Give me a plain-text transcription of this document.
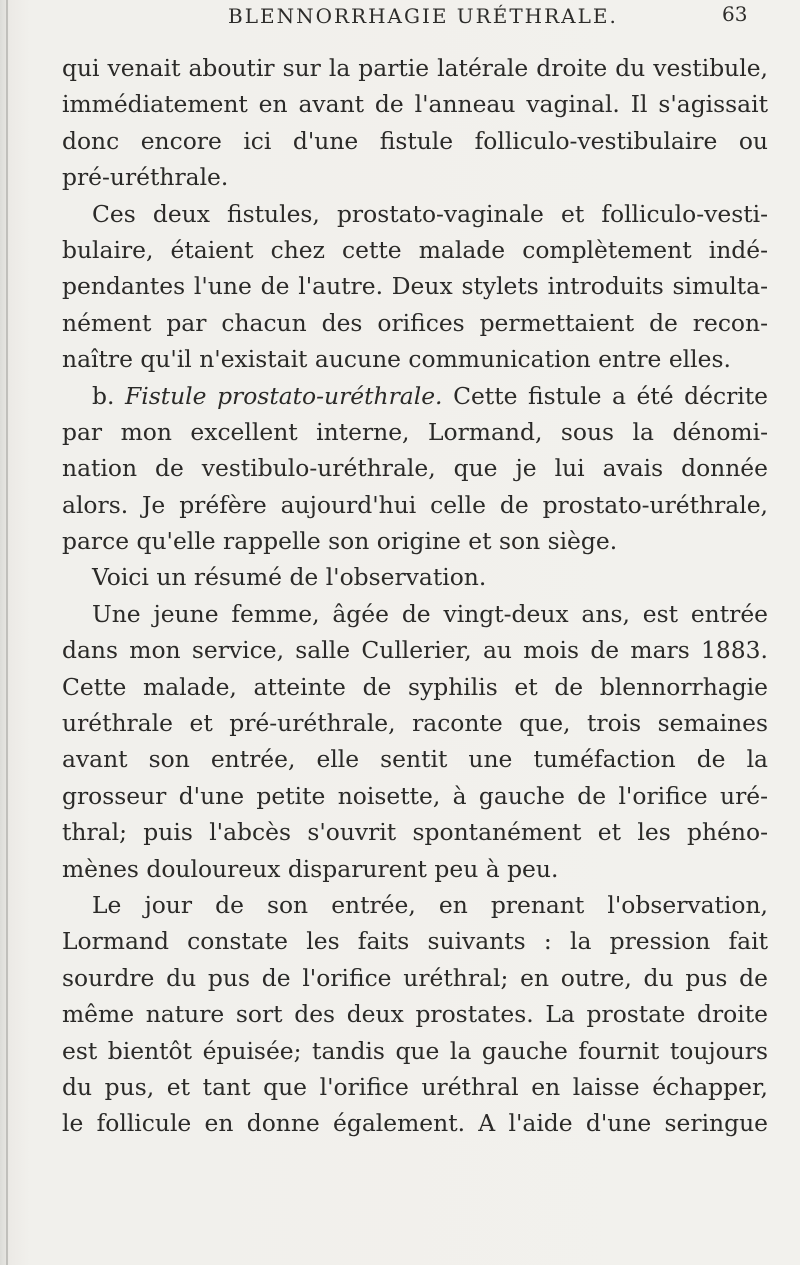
BLENNORRHAGIE URÉTHRALE.	63
qui venait aboutir sur la partie latérale droite du vestibule,
immédiatement en avant de l'anneau vaginal. Il s'agissait
donc encore ici d'une fistule folliculo-vestibulaire ou
pré-uréthrale.
Ces deux fistules, prostato-vaginale et folliculo-vesti-
bulaire, étaient chez cette malade complètement indé-
pendantes l'une de l'autre. Deux stylets introduits simulta-
nément par chacun des orifices permettaient de recon-
naître qu'il n'existait aucune communication entre elles.
b. Fistule prostato-uréthrale. Cette fistule a été décrite
par mon excellent interne, Lormand, sous la dénomi-
nation de vestibulo-uréthrale, que je lui avais donnée
alors. Je préfère aujourd'hui celle de prostato-uréthrale,
parce qu'elle rappelle son origine et son siège.
Voici un résumé de l'observation.
Une jeune femme, âgée de vingt-deux ans, est entrée
dans mon service, salle Cullerier, au mois de mars 1883.
Cette malade, atteinte de syphilis et de blennorrhagie
uréthrale et pré-uréthrale, raconte que, trois semaines
avant son entrée, elle sentit une tuméfaction de la
grosseur d'une petite noisette, à gauche de l'orifice uré-
thral; puis l'abcès s'ouvrit spontanément et les phéno-
mènes douloureux disparurent peu à peu.
Le jour de son entrée, en prenant l'observation,
Lormand constate les faits suivants : la pression fait
sourdre du pus de l'orifice uréthral; en outre, du pus de
même nature sort des deux prostates. La prostate droite
est bientôt épuisée; tandis que la gauche fournit toujours
du pus, et tant que l'orifice uréthral en laisse échapper,
le follicule en donne également. A l'aide d'une seringue
